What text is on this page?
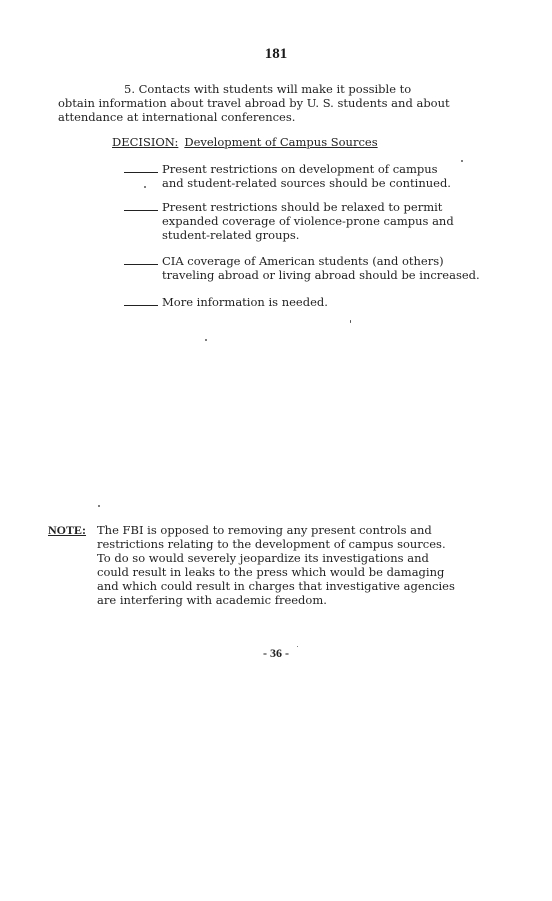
181
5. Contacts with students will make it possible to
obtain information about travel abroad by U. S. students and about
attendance at international conferences.
DECISION: Development of Campus Sources
Present restrictions on development of campus
and student-related sources should be continued.
Present restrictions should be relaxed to permit
expanded coverage of violence-prone campus and
student-related groups.
CIA coverage of American students (and others)
traveling abroad or living abroad should be increased.
More information is needed.
NOTE: The FBI is opposed to removing any present controls and
restrictions relating to the development of campus sources.
To do so would severely jeopardize its investigations and
could result in leaks to the press which would be damaging
and which could result in charges that investigative agencies
are interfering with academic freedom.
- 36 -
